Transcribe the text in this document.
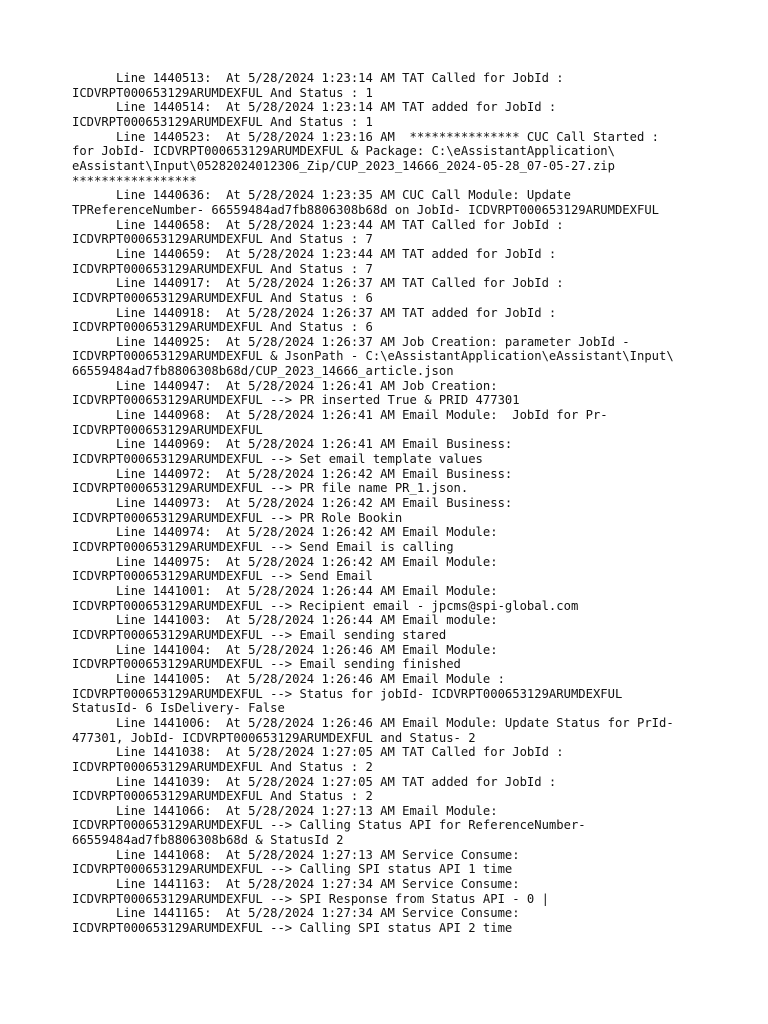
Line 1440513:  At 5/28/2024 1:23:14 AM TAT Called for JobId :
ICDVRPT000653129ARUMDEXFUL And Status : 1
Line 1440514:  At 5/28/2024 1:23:14 AM TAT added for JobId :
ICDVRPT000653129ARUMDEXFUL And Status : 1
Line 1440523:  At 5/28/2024 1:23:16 AM  *************** CUC Call Started :
for JobId- ICDVRPT000653129ARUMDEXFUL & Package: C:\eAssistantApplication\
eAssistant\Input\05282024012306_Zip/CUP_2023_14666_2024-05-28_07-05-27.zip
*****************
Line 1440636:  At 5/28/2024 1:23:35 AM CUC Call Module: Update
TPReferenceNumber- 66559484ad7fb8806308b68d on JobId- ICDVRPT000653129ARUMDEXFUL
Line 1440658:  At 5/28/2024 1:23:44 AM TAT Called for JobId :
ICDVRPT000653129ARUMDEXFUL And Status : 7
Line 1440659:  At 5/28/2024 1:23:44 AM TAT added for JobId :
ICDVRPT000653129ARUMDEXFUL And Status : 7
Line 1440917:  At 5/28/2024 1:26:37 AM TAT Called for JobId :
ICDVRPT000653129ARUMDEXFUL And Status : 6
Line 1440918:  At 5/28/2024 1:26:37 AM TAT added for JobId :
ICDVRPT000653129ARUMDEXFUL And Status : 6
Line 1440925:  At 5/28/2024 1:26:37 AM Job Creation: parameter JobId -
ICDVRPT000653129ARUMDEXFUL & JsonPath - C:\eAssistantApplication\eAssistant\Input\
66559484ad7fb8806308b68d/CUP_2023_14666_article.json
Line 1440947:  At 5/28/2024 1:26:41 AM Job Creation:
ICDVRPT000653129ARUMDEXFUL --> PR inserted True & PRID 477301
Line 1440968:  At 5/28/2024 1:26:41 AM Email Module:  JobId for Pr-
ICDVRPT000653129ARUMDEXFUL
Line 1440969:  At 5/28/2024 1:26:41 AM Email Business:
ICDVRPT000653129ARUMDEXFUL --> Set email template values
Line 1440972:  At 5/28/2024 1:26:42 AM Email Business:
ICDVRPT000653129ARUMDEXFUL --> PR file name PR_1.json.
Line 1440973:  At 5/28/2024 1:26:42 AM Email Business:
ICDVRPT000653129ARUMDEXFUL --> PR Role Bookin
Line 1440974:  At 5/28/2024 1:26:42 AM Email Module:
ICDVRPT000653129ARUMDEXFUL --> Send Email is calling
Line 1440975:  At 5/28/2024 1:26:42 AM Email Module:
ICDVRPT000653129ARUMDEXFUL --> Send Email
Line 1441001:  At 5/28/2024 1:26:44 AM Email Module:
ICDVRPT000653129ARUMDEXFUL --> Recipient email - jpcms@spi-global.com
Line 1441003:  At 5/28/2024 1:26:44 AM Email module:
ICDVRPT000653129ARUMDEXFUL --> Email sending stared
Line 1441004:  At 5/28/2024 1:26:46 AM Email Module:
ICDVRPT000653129ARUMDEXFUL --> Email sending finished
Line 1441005:  At 5/28/2024 1:26:46 AM Email Module :
ICDVRPT000653129ARUMDEXFUL --> Status for jobId- ICDVRPT000653129ARUMDEXFUL
StatusId- 6 IsDelivery- False
Line 1441006:  At 5/28/2024 1:26:46 AM Email Module: Update Status for PrId-
477301, JobId- ICDVRPT000653129ARUMDEXFUL and Status- 2
Line 1441038:  At 5/28/2024 1:27:05 AM TAT Called for JobId :
ICDVRPT000653129ARUMDEXFUL And Status : 2
Line 1441039:  At 5/28/2024 1:27:05 AM TAT added for JobId :
ICDVRPT000653129ARUMDEXFUL And Status : 2
Line 1441066:  At 5/28/2024 1:27:13 AM Email Module:
ICDVRPT000653129ARUMDEXFUL --> Calling Status API for ReferenceNumber-
66559484ad7fb8806308b68d & StatusId 2
Line 1441068:  At 5/28/2024 1:27:13 AM Service Consume:
ICDVRPT000653129ARUMDEXFUL --> Calling SPI status API 1 time
Line 1441163:  At 5/28/2024 1:27:34 AM Service Consume:
ICDVRPT000653129ARUMDEXFUL --> SPI Response from Status API - 0 |
Line 1441165:  At 5/28/2024 1:27:34 AM Service Consume:
ICDVRPT000653129ARUMDEXFUL --> Calling SPI status API 2 time
